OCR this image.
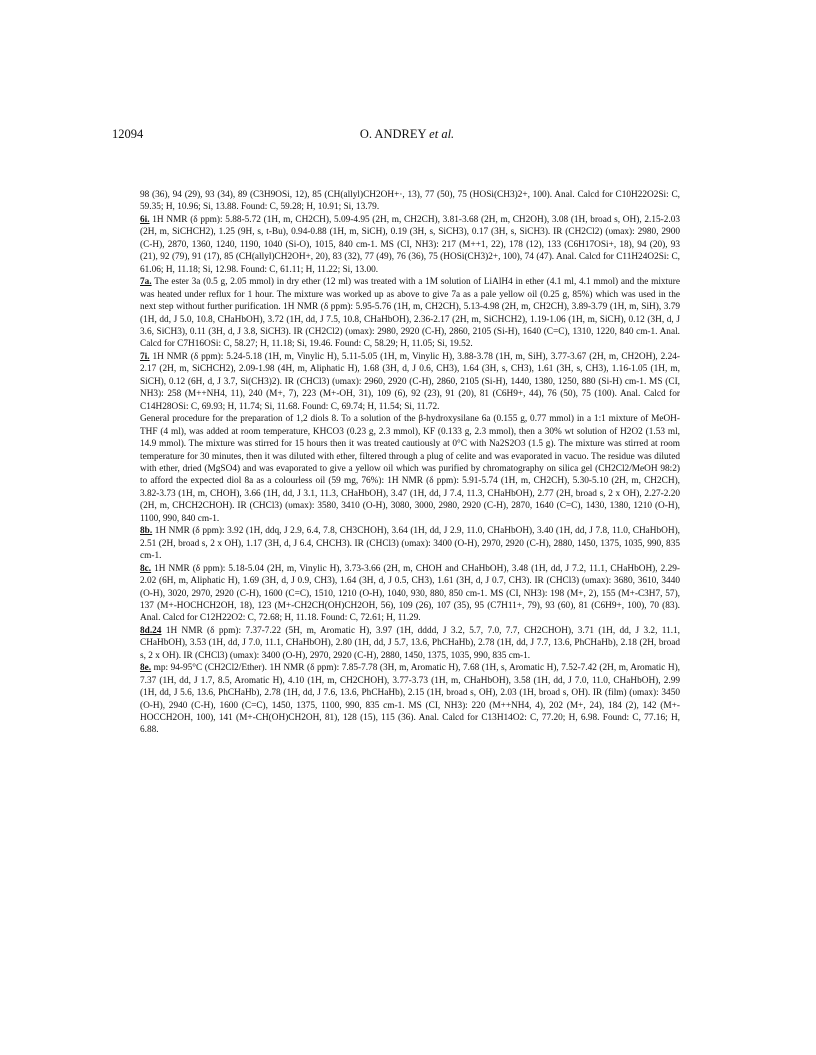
12094	O. ANDREY et al.

98 (36), 94 (29), 93 (34), 89 (C3H9OSi, 12), 85 (CH(allyl)CH2OH+·, 13), 77 (50), 75 (HOSi(CH3)2+, 100). Anal. Calcd for C10H22O2Si: C, 59.35; H, 10.96; Si, 13.88. Found: C, 59.28; H, 10.91; Si, 13.79.

6i. 1H NMR (δ ppm): 5.88-5.72 (1H, m, CH2CH), 5.09-4.95 (2H, m, CH2CH), 3.81-3.68 (2H, m, CH2OH), 3.08 (1H, broad s, OH), 2.15-2.03 (2H, m, SiCHCH2), 1.25 (9H, s, t-Bu), 0.94-0.88 (1H, m, SiCH), 0.19 (3H, s, SiCH3), 0.17 (3H, s, SiCH3). IR (CH2Cl2) (υmax): 2980, 2900 (C-H), 2870, 1360, 1240, 1190, 1040 (Si-O), 1015, 840 cm-1. MS (CI, NH3): 217 (M++1, 22), 178 (12), 133 (C6H17OSi+, 18), 94 (20), 93 (21), 92 (79), 91 (17), 85 (CH(allyl)CH2OH+, 20), 83 (32), 77 (49), 76 (36), 75 (HOSi(CH3)2+, 100), 74 (47). Anal. Calcd for C11H24O2Si: C, 61.06; H, 11.18; Si, 12.98. Found: C, 61.11; H, 11.22; Si, 13.00.

7a. The ester 3a (0.5 g, 2.05 mmol) in dry ether (12 ml) was treated with a 1M solution of LiAlH4 in ether (4.1 ml, 4.1 mmol) and the mixture was heated under reflux for 1 hour. The mixture was worked up as above to give 7a as a pale yellow oil (0.25 g, 85%) which was used in the next step without further purification. 1H NMR (δ ppm): 5.95-5.76 (1H, m, CH2CH), 5.13-4.98 (2H, m, CH2CH), 3.89-3.79 (1H, m, SiH), 3.79 (1H, dd, J 5.0, 10.8, CHaHbOH), 3.72 (1H, dd, J 7.5, 10.8, CHaHbOH), 2.36-2.17 (2H, m, SiCHCH2), 1.19-1.06 (1H, m, SiCH), 0.12 (3H, d, J 3.6, SiCH3), 0.11 (3H, d, J 3.8, SiCH3). IR (CH2Cl2) (υmax): 2980, 2920 (C-H), 2860, 2105 (Si-H), 1640 (C=C), 1310, 1220, 840 cm-1. Anal. Calcd for C7H16OSi: C, 58.27; H, 11.18; Si, 19.46. Found: C, 58.29; H, 11.05; Si, 19.52.

7i. 1H NMR (δ ppm): 5.24-5.18 (1H, m, Vinylic H), 5.11-5.05 (1H, m, Vinylic H), 3.88-3.78 (1H, m, SiH), 3.77-3.67 (2H, m, CH2OH), 2.24-2.17 (2H, m, SiCHCH2), 2.09-1.98 (4H, m, Aliphatic H), 1.68 (3H, d, J 0.6, CH3), 1.64 (3H, s, CH3), 1.61 (3H, s, CH3), 1.16-1.05 (1H, m, SiCH), 0.12 (6H, d, J 3.7, Si(CH3)2). IR (CHCl3) (υmax): 2960, 2920 (C-H), 2860, 2105 (Si-H), 1440, 1380, 1250, 880 (Si-H) cm-1. MS (CI, NH3): 258 (M++NH4, 11), 240 (M+, 7), 223 (M+-OH, 31), 109 (6), 92 (23), 91 (20), 81 (C6H9+, 44), 76 (50), 75 (100). Anal. Calcd for C14H28OSi: C, 69.93; H, 11.74; Si, 11.68. Found: C, 69.74; H, 11.54; Si, 11.72.

General procedure for the preparation of 1,2 diols 8. To a solution of the β-hydroxysilane 6a (0.155 g, 0.77 mmol) in a 1:1 mixture of MeOH-THF (4 ml), was added at room temperature, KHCO3 (0.23 g, 2.3 mmol), KF (0.133 g, 2.3 mmol), then a 30% wt solution of H2O2 (1.53 ml, 14.9 mmol). The mixture was stirred for 15 hours then it was treated cautiously at 0°C with Na2S2O3 (1.5 g). The mixture was stirred at room temperature for 30 minutes, then it was diluted with ether, filtered through a plug of celite and was evaporated in vacuo. The residue was diluted with ether, dried (MgSO4) and was evaporated to give a yellow oil which was purified by chromatography on silica gel (CH2Cl2/MeOH 98:2) to afford the expected diol 8a as a colourless oil (59 mg, 76%): 1H NMR (δ ppm): 5.91-5.74 (1H, m, CH2CH), 5.30-5.10 (2H, m, CH2CH), 3.82-3.73 (1H, m, CHOH), 3.66 (1H, dd, J 3.1, 11.3, CHaHbOH), 3.47 (1H, dd, J 7.4, 11.3, CHaHbOH), 2.77 (2H, broad s, 2 x OH), 2.27-2.20 (2H, m, CHCH2CHOH). IR (CHCl3) (υmax): 3580, 3410 (O-H), 3080, 3000, 2980, 2920 (C-H), 2870, 1640 (C=C), 1430, 1380, 1210 (O-H), 1100, 990, 840 cm-1.

8b. 1H NMR (δ ppm): 3.92 (1H, ddq, J 2.9, 6.4, 7.8, CH3CHOH), 3.64 (1H, dd, J 2.9, 11.0, CHaHbOH), 3.40 (1H, dd, J 7.8, 11.0, CHaHbOH), 2.51 (2H, broad s, 2 x OH), 1.17 (3H, d, J 6.4, CHCH3). IR (CHCl3) (υmax): 3400 (O-H), 2970, 2920 (C-H), 2880, 1450, 1375, 1035, 990, 835 cm-1.

8c. 1H NMR (δ ppm): 5.18-5.04 (2H, m, Vinylic H), 3.73-3.66 (2H, m, CHOH and CHaHbOH), 3.48 (1H, dd, J 7.2, 11.1, CHaHbOH), 2.29-2.02 (6H, m, Aliphatic H), 1.69 (3H, d, J 0.9, CH3), 1.64 (3H, d, J 0.5, CH3), 1.61 (3H, d, J 0.7, CH3). IR (CHCl3) (υmax): 3680, 3610, 3440 (O-H), 3020, 2970, 2920 (C-H), 1600 (C=C), 1510, 1210 (O-H), 1040, 930, 880, 850 cm-1. MS (CI, NH3): 198 (M+, 2), 155 (M+-C3H7, 57), 137 (M+-HOCHCH2OH, 18), 123 (M+-CH2CH(OH)CH2OH, 56), 109 (26), 107 (35), 95 (C7H11+, 79), 93 (60), 81 (C6H9+, 100), 70 (83). Anal. Calcd for C12H22O2: C, 72.68; H, 11.18. Found: C, 72.61; H, 11.29.

8d.24 1H NMR (δ ppm): 7.37-7.22 (5H, m, Aromatic H), 3.97 (1H, dddd, J 3.2, 5.7, 7.0, 7.7, CH2CHOH), 3.71 (1H, dd, J 3.2, 11.1, CHaHbOH), 3.53 (1H, dd, J 7.0, 11.1, CHaHbOH), 2.80 (1H, dd, J 5.7, 13.6, PhCHaHb), 2.78 (1H, dd, J 7.7, 13.6, PhCHaHb), 2.18 (2H, broad s, 2 x OH). IR (CHCl3) (υmax): 3400 (O-H), 2970, 2920 (C-H), 2880, 1450, 1375, 1035, 990, 835 cm-1.

8e. mp: 94-95°C (CH2Cl2/Ether). 1H NMR (δ ppm): 7.85-7.78 (3H, m, Aromatic H), 7.68 (1H, s, Aromatic H), 7.52-7.42 (2H, m, Aromatic H), 7.37 (1H, dd, J 1.7, 8.5, Aromatic H), 4.10 (1H, m, CH2CHOH), 3.77-3.73 (1H, m, CHaHbOH), 3.58 (1H, dd, J 7.0, 11.0, CHaHbOH), 2.99 (1H, dd, J 5.6, 13.6, PhCHaHb), 2.78 (1H, dd, J 7.6, 13.6, PhCHaHb), 2.15 (1H, broad s, OH), 2.03 (1H, broad s, OH). IR (film) (υmax): 3450 (O-H), 2940 (C-H), 1600 (C=C), 1450, 1375, 1100, 990, 835 cm-1. MS (CI, NH3): 220 (M++NH4, 4), 202 (M+, 24), 184 (2), 142 (M+-HOCCH2OH, 100), 141 (M+-CH(OH)CH2OH, 81), 128 (15), 115 (36). Anal. Calcd for C13H14O2: C, 77.20; H, 6.98. Found: C, 77.16; H, 6.88.
